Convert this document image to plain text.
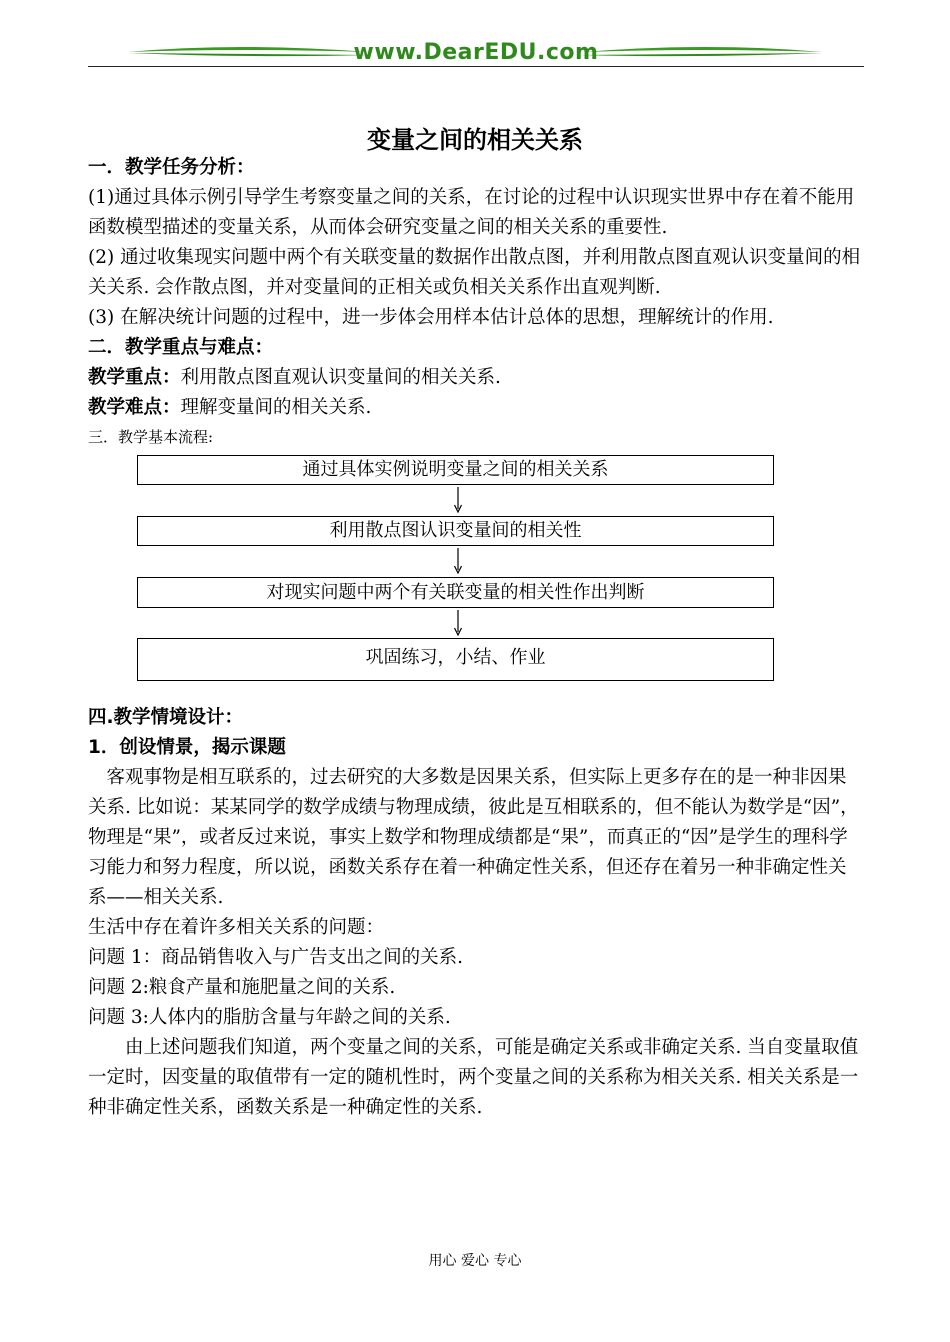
www.DearEDU.com
变量之间的相关关系

一．教学任务分析：

(1)通过具体示例引导学生考察变量之间的关系，在讨论的过程中认识现实世界中存在着不能用函数模型描述的变量关系，从而体会研究变量之间的相关关系的重要性.

(2) 通过收集现实问题中两个有关联变量的数据作出散点图，并利用散点图直观认识变量间的相关关系. 会作散点图，并对变量间的正相关或负相关关系作出直观判断.

(3) 在解决统计问题的过程中，进一步体会用样本估计总体的思想，理解统计的作用.

二．教学重点与难点：

教学重点：利用散点图直观认识变量间的相关关系.

教学难点：理解变量间的相关关系.

三．教学基本流程:

通过具体实例说明变量之间的相关关系
利用散点图认识变量间的相关性
对现实问题中两个有关联变量的相关性作出判断
巩固练习，小结、作业

四.教学情境设计：

1．创设情景，揭示课题

客观事物是相互联系的，过去研究的大多数是因果关系，但实际上更多存在的是一种非因果关系. 比如说：某某同学的数学成绩与物理成绩，彼此是互相联系的，但不能认为数学是“因”，物理是“果”，或者反过来说，事实上数学和物理成绩都是“果”，而真正的“因”是学生的理科学习能力和努力程度，所以说，函数关系存在着一种确定性关系，但还存在着另一种非确定性关系——相关关系.

生活中存在着许多相关关系的问题：

问题 1：商品销售收入与广告支出之间的关系.

问题 2:粮食产量和施肥量之间的关系.

问题 3:人体内的脂肪含量与年龄之间的关系.

由上述问题我们知道，两个变量之间的关系，可能是确定关系或非确定关系. 当自变量取值一定时，因变量的取值带有一定的随机性时，两个变量之间的关系称为相关关系. 相关关系是一种非确定性关系，函数关系是一种确定性的关系.

用心 爱心 专心
